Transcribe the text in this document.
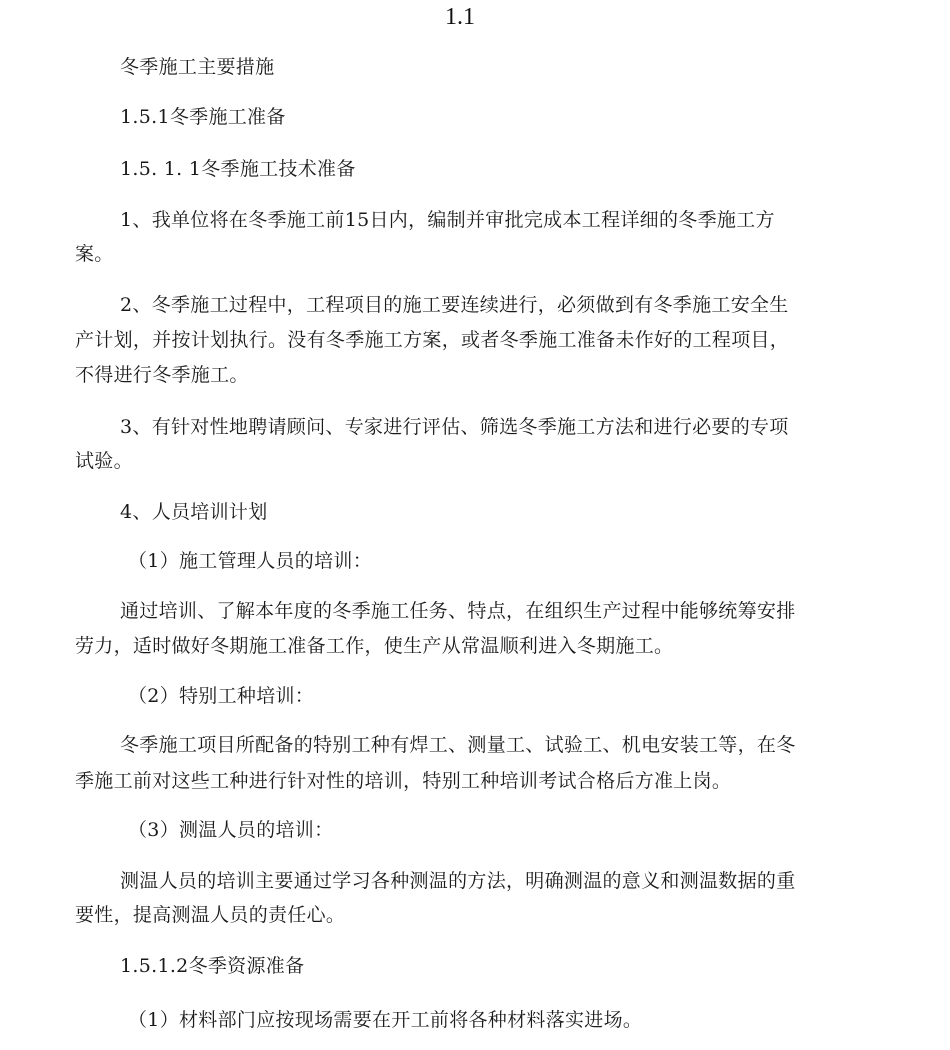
1.1
冬季施工主要措施
1.5.1冬季施工准备
1.5. 1. 1冬季施工技术准备
1、我单位将在冬季施工前15日内，编制并审批完成本工程详细的冬季施工方
案。
2、冬季施工过程中，工程项目的施工要连续进行，必须做到有冬季施工安全生
产计划，并按计划执行。没有冬季施工方案，或者冬季施工准备未作好的工程项目，
不得进行冬季施工。
3、有针对性地聘请顾问、专家进行评估、筛选冬季施工方法和进行必要的专项
试验。
4、人员培训计划
（1）施工管理人员的培训：
通过培训、了解本年度的冬季施工任务、特点，在组织生产过程中能够统筹安排
劳力，适时做好冬期施工准备工作，使生产从常温顺利进入冬期施工。
（2）特别工种培训：
冬季施工项目所配备的特别工种有焊工、测量工、试验工、机电安装工等，在冬
季施工前对这些工种进行针对性的培训，特别工种培训考试合格后方准上岗。
（3）测温人员的培训：
测温人员的培训主要通过学习各种测温的方法，明确测温的意义和测温数据的重
要性，提高测温人员的责任心。
1.5.1.2冬季资源准备
（1）材料部门应按现场需要在开工前将各种材料落实进场。
